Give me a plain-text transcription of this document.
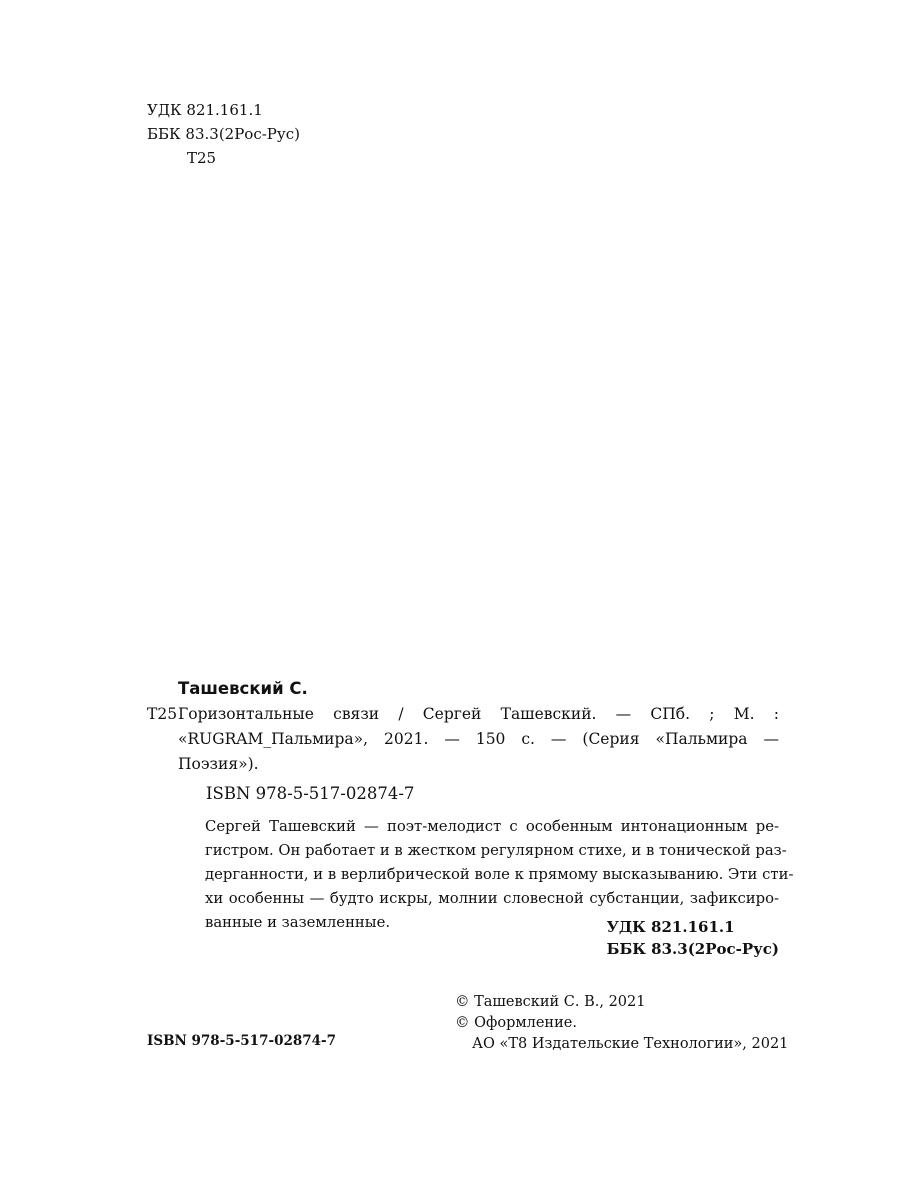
УДК 821.161.1
ББК 83.3(2Рос-Рус)
Т25
Ташевский С.
Т25 Горизонтальные связи / Сергей Ташевский. — СПб. ; М. :
«RUGRAM_Пальмира», 2021. — 150 с. — (Серия «Пальмира —
Поэзия»).
ISBN 978-5-517-02874-7
Сергей Ташевский — поэт-мелодист с особенным интонационным ре-
гистром. Он работает и в жестком регулярном стихе, и в тонической раз-
дерганности, и в верлибрической воле к прямому высказыванию. Эти сти-
хи особенны — будто искры, молнии словесной субстанции, зафиксиро-
ванные и заземленные.	УДК 821.161.1
ББК 83.3(2Рос-Рус)
© Ташевский С. В., 2021
© Оформление.
АО «Т8 Издательские Технологии», 2021
ISBN 978-5-517-02874-7
